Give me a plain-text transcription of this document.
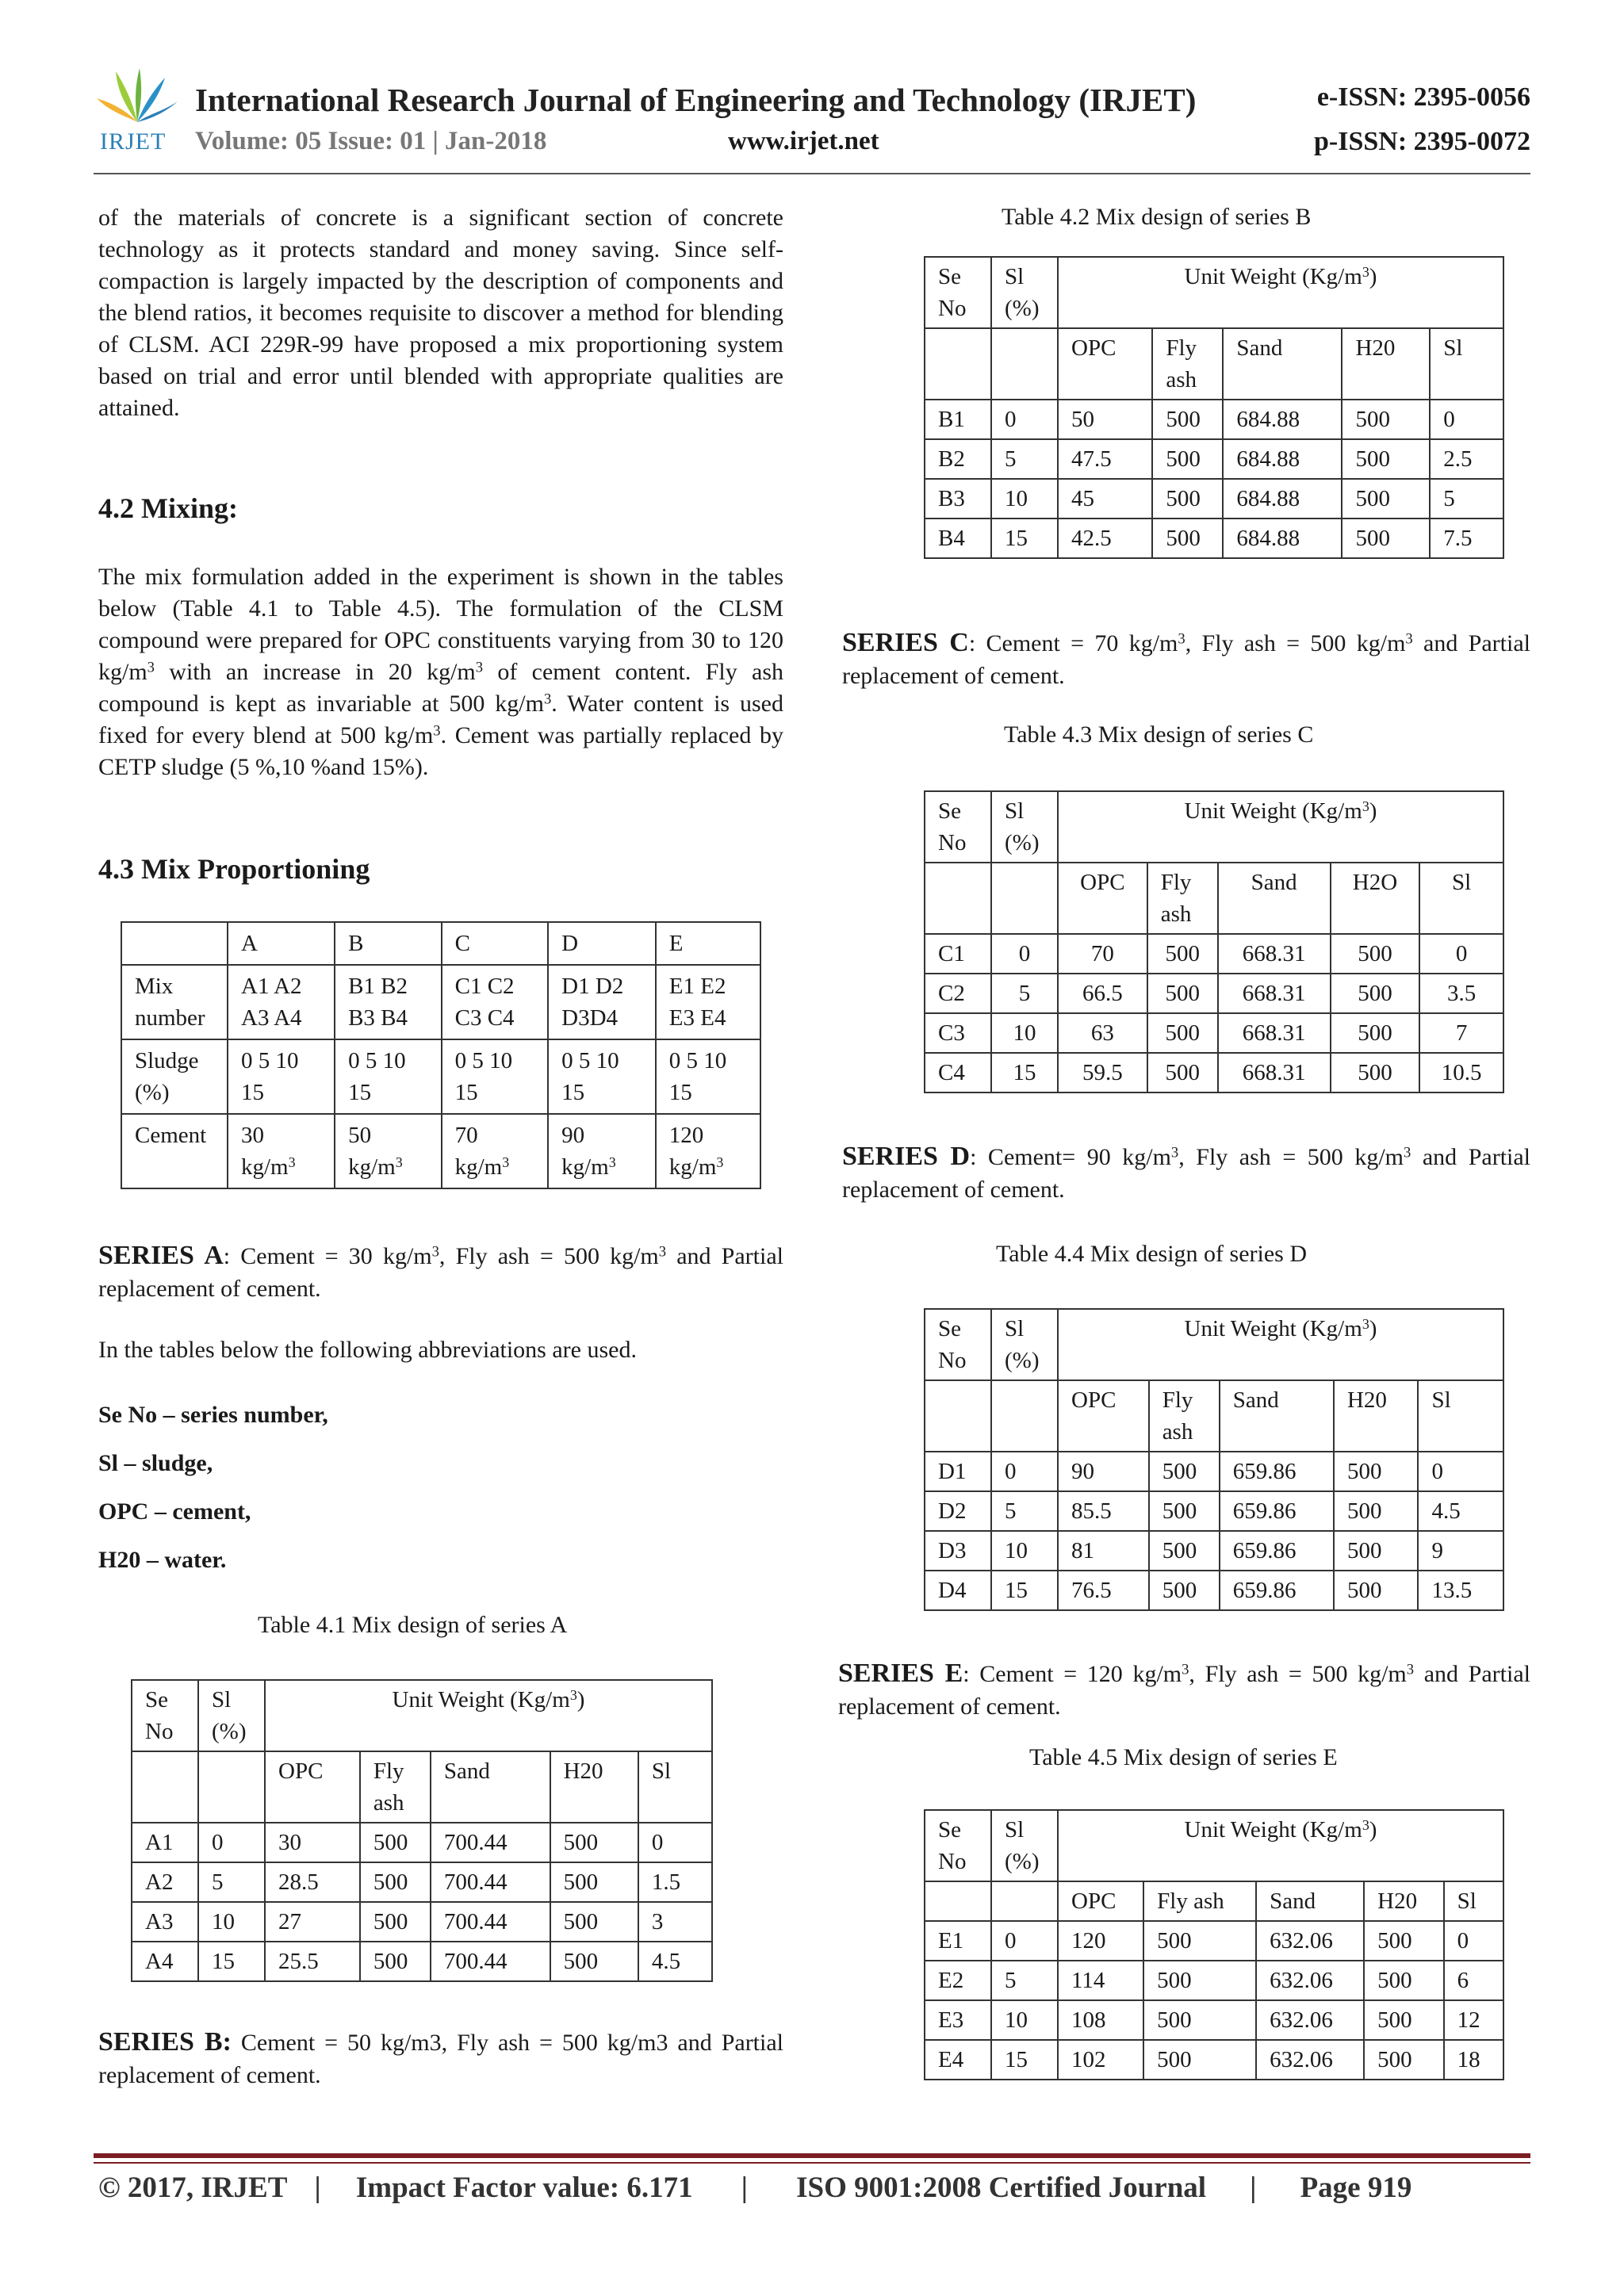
IRJET
International Research Journal of Engineering and Technology (IRJET)	e-ISSN: 2395-0056
Volume: 05 Issue: 01 | Jan-2018	www.irjet.net	p-ISSN: 2395-0072

of the materials of concrete is a significant section of concrete technology as it protects standard and money saving. Since self-compaction is largely impacted by the description of components and the blend ratios, it becomes requisite to discover a method for blending of CLSM. ACI 229R-99 have proposed a mix proportioning system based on trial and error until blended with appropriate qualities are attained.

4.2 Mixing:

The mix formulation added in the experiment is shown in the tables below (Table 4.1 to Table 4.5). The formulation of the CLSM compound were prepared for OPC constituents varying from 30 to 120 $kg/m^3$ with an increase in 20 $kg/m^3$ of cement content. Fly ash compound is kept as invariable at 500 $kg/m^3$. Water content is used fixed for every blend at 500 $kg/m^3$. Cement was partially replaced by CETP sludge (5 %,10 %and 15%).

4.3 Mix Proportioning
	A	B	C	D	E
Mix number	A1 A2 A3 A4	B1 B2 B3 B4	C1 C2 C3 C4	D1 D2 D3D4	E1 E2 E3 E4
Sludge (%)	0 5 10 15	0 5 10 15	0 5 10 15	0 5 10 15	0 5 10 15
Cement	30 $kg/m^3$	50 $kg/m^3$	70 $kg/m^3$	90 $kg/m^3$	120 $kg/m^3$
SERIES A: Cement = 30 $kg/m^3$, Fly ash = 500 $kg/m^3$ and Partial replacement of cement.
In the tables below the following abbreviations are used.
Se No – series number,
Sl – sludge,
OPC – cement,
H20 – water.
Table 4.1 Mix design of series A
Se No	Sl (%)	Unit Weight $(Kg/m^3)$				
		OPC	Fly ash	Sand	H20	Sl
A1	0	30	500	700.44	500	0
A2	5	28.5	500	700.44	500	1.5
A3	10	27	500	700.44	500	3
A4	15	25.5	500	700.44	500	4.5
SERIES B: Cement = 50 kg/m3, Fly ash = 500 kg/m3 and Partial replacement of cement.
Table 4.2 Mix design of series B
Se No	Sl (%)	Unit Weight $(Kg/m^3)$				
		OPC	Fly ash	Sand	H20	Sl
B1	0	50	500	684.88	500	0
B2	5	47.5	500	684.88	500	2.5
B3	10	45	500	684.88	500	5
B4	15	42.5	500	684.88	500	7.5
SERIES C: Cement = 70 $kg/m^3$, Fly ash = 500 $kg/m^3$ and Partial replacement of cement.
Table 4.3 Mix design of series C
Se No	Sl (%)	Unit Weight $(Kg/m^3)$				
		OPC	Fly ash	Sand	H2O	Sl
C1	0	70	500	668.31	500	0
C2	5	66.5	500	668.31	500	3.5
C3	10	63	500	668.31	500	7
C4	15	59.5	500	668.31	500	10.5
SERIES D: Cement= 90 $kg/m^3$, Fly ash = 500 $kg/m^3$ and Partial replacement of cement.
Table 4.4 Mix design of series D
Se No	Sl (%)	Unit Weight $(Kg/m^3)$				
		OPC	Fly ash	Sand	H20	Sl
D1	0	90	500	659.86	500	0
D2	5	85.5	500	659.86	500	4.5
D3	10	81	500	659.86	500	9
D4	15	76.5	500	659.86	500	13.5
SERIES E: Cement = 120 $kg/m^3$, Fly ash = 500 $kg/m^3$ and Partial replacement of cement.
Table 4.5 Mix design of series E
Se No	Sl (%)	Unit Weight $(Kg/m^3)$				
		OPC	Fly ash	Sand	H20	Sl
E1	0	120	500	632.06	500	0
E2	5	114	500	632.06	500	6
E3	10	108	500	632.06	500	12
E4	15	102	500	632.06	500	18
© 2017, IRJET | Impact Factor value: 6.171 | ISO 9001:2008 Certified Journal | Page 919
